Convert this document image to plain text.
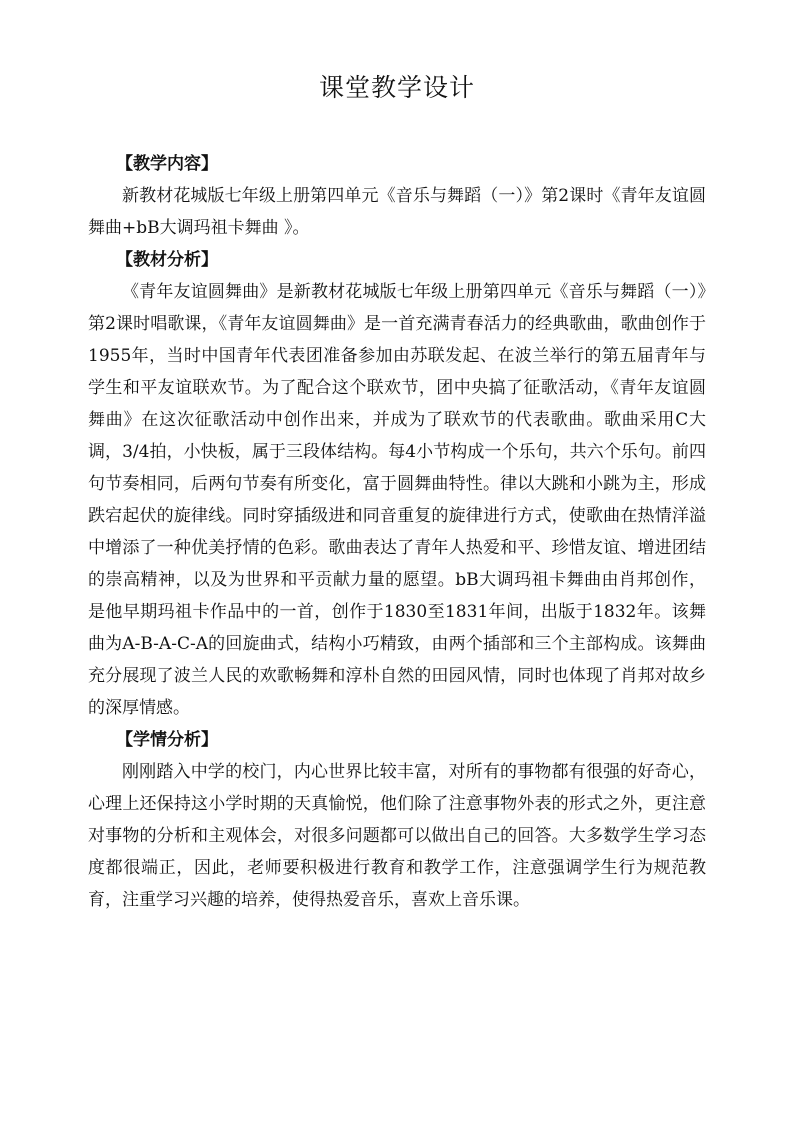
课堂教学设计

【教学内容】

新教材花城版七年级上册第四单元《音乐与舞蹈（一）》第2课时《青年友谊圆舞曲+bB大调玛祖卡舞曲 》。

【教材分析】

《青年友谊圆舞曲》是新教材花城版七年级上册第四单元《音乐与舞蹈（一）》第2课时唱歌课，《青年友谊圆舞曲》是一首充满青春活力的经典歌曲，歌曲创作于1955年，当时中国青年代表团准备参加由苏联发起、在波兰举行的第五届青年与学生和平友谊联欢节。为了配合这个联欢节，团中央搞了征歌活动，《青年友谊圆舞曲》在这次征歌活动中创作出来，并成为了联欢节的代表歌曲。歌曲采用C大调，3/4拍，小快板，属于三段体结构。每4小节构成一个乐句，共六个乐句。前四句节奏相同，后两句节奏有所变化，富于圆舞曲特性。律以大跳和小跳为主，形成跌宕起伏的旋律线。同时穿插级进和同音重复的旋律进行方式，使歌曲在热情洋溢中增添了一种优美抒情的色彩。歌曲表达了青年人热爱和平、珍惜友谊、增进团结的崇高精神，以及为世界和平贡献力量的愿望。bB大调玛祖卡舞曲由肖邦创作，是他早期玛祖卡作品中的一首，创作于1830至1831年间，出版于1832年。该舞曲为A-B-A-C-A的回旋曲式，结构小巧精致，由两个插部和三个主部构成。该舞曲充分展现了波兰人民的欢歌畅舞和淳朴自然的田园风情，同时也体现了肖邦对故乡的深厚情感。

【学情分析】

刚刚踏入中学的校门，内心世界比较丰富，对所有的事物都有很强的好奇心，心理上还保持这小学时期的天真愉悦，他们除了注意事物外表的形式之外，更注意对事物的分析和主观体会，对很多问题都可以做出自己的回答。大多数学生学习态度都很端正，因此，老师要积极进行教育和教学工作，注意强调学生行为规范教育，注重学习兴趣的培养，使得热爱音乐，喜欢上音乐课。
